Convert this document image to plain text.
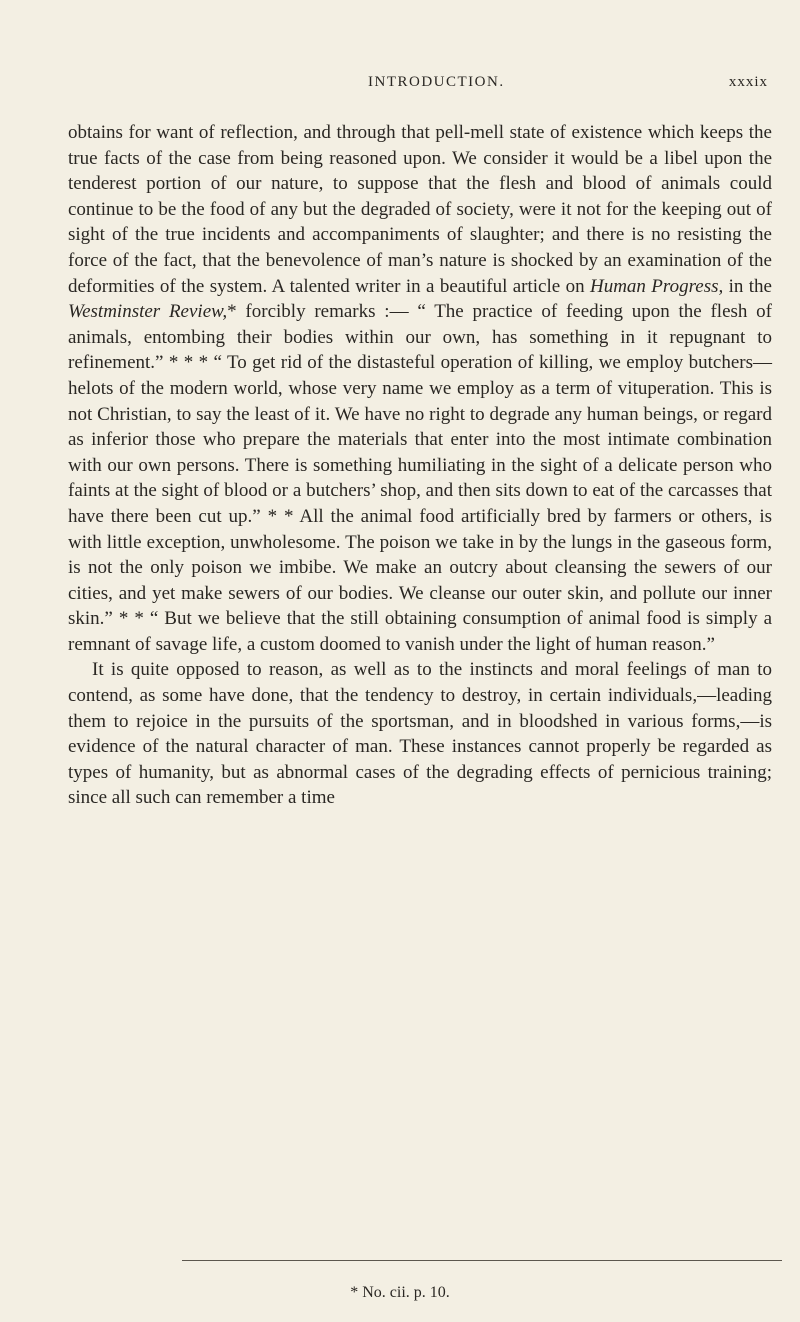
INTRODUCTION.	xxxix

obtains for want of reflection, and through that pell-mell state of existence which keeps the true facts of the case from being reasoned upon. We consider it would be a libel upon the tenderest portion of our nature, to suppose that the flesh and blood of animals could continue to be the food of any but the degraded of society, were it not for the keeping out of sight of the true incidents and accompaniments of slaughter; and there is no resisting the force of the fact, that the benevolence of man’s nature is shocked by an examination of the deformities of the system. A talented writer in a beautiful article on Human Progress, in the Westminster Review,* forcibly remarks :— “ The practice of feeding upon the flesh of animals, entombing their bodies within our own, has something in it repugnant to refinement.” * * * “ To get rid of the distasteful operation of killing, we employ butchers—helots of the modern world, whose very name we employ as a term of vituperation. This is not Christian, to say the least of it. We have no right to degrade any human beings, or regard as inferior those who prepare the materials that enter into the most intimate combination with our own persons. There is something humiliating in the sight of a delicate person who faints at the sight of blood or a butchers’ shop, and then sits down to eat of the carcasses that have there been cut up.” * * All the animal food artificially bred by farmers or others, is with little exception, unwholesome. The poison we take in by the lungs in the gaseous form, is not the only poison we imbibe. We make an outcry about cleansing the sewers of our cities, and yet make sewers of our bodies. We cleanse our outer skin, and pollute our inner skin.” * * “ But we believe that the still obtaining consumption of animal food is simply a remnant of savage life, a custom doomed to vanish under the light of human reason.”

It is quite opposed to reason, as well as to the instincts and moral feelings of man to contend, as some have done, that the tendency to destroy, in certain individuals,—leading them to rejoice in the pursuits of the sportsman, and in bloodshed in various forms,—is evidence of the natural character of man. These instances cannot properly be regarded as types of humanity, but as abnormal cases of the degrading effects of pernicious training; since all such can remember a time

* No. cii. p. 10.
